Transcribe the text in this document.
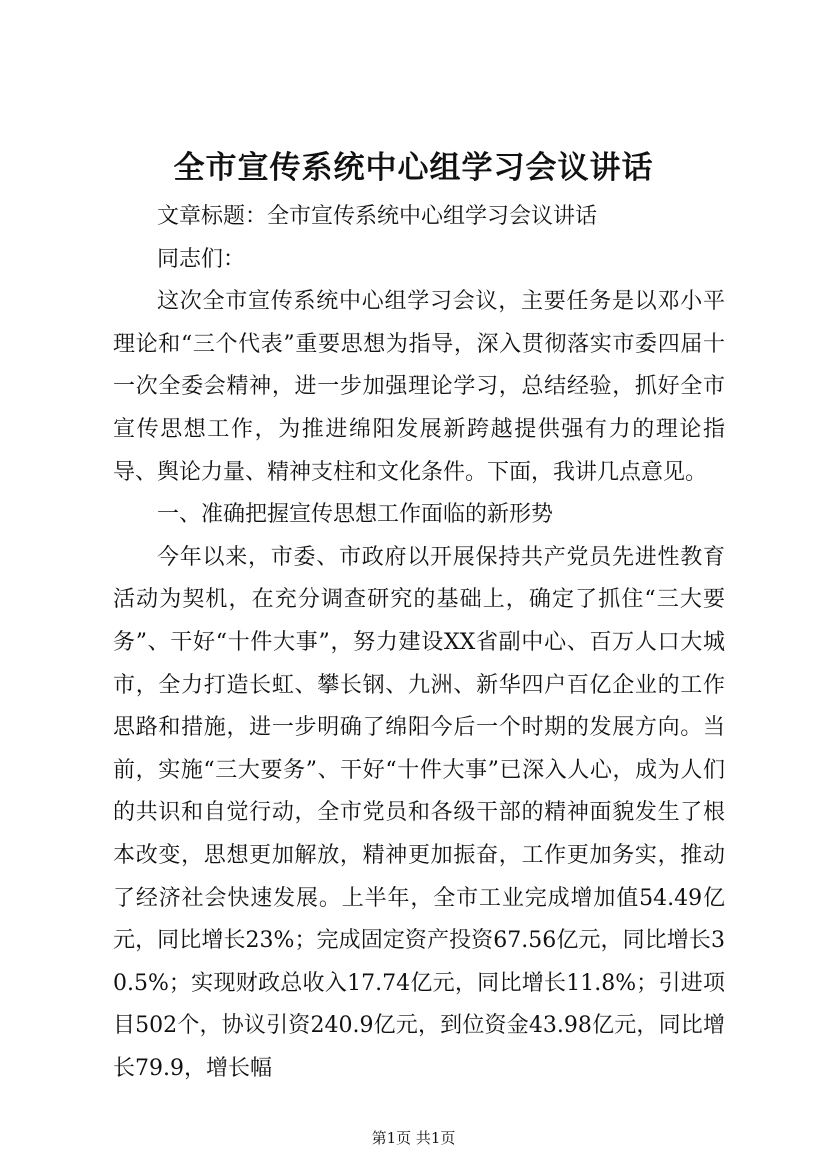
全市宣传系统中心组学习会议讲话

文章标题：全市宣传系统中心组学习会议讲话

同志们：

这次全市宣传系统中心组学习会议，主要任务是以邓小平理论和“三个代表”重要思想为指导，深入贯彻落实市委四届十一次全委会精神，进一步加强理论学习，总结经验，抓好全市宣传思想工作，为推进绵阳发展新跨越提供强有力的理论指导、舆论力量、精神支柱和文化条件。下面，我讲几点意见。

一、准确把握宣传思想工作面临的新形势

今年以来，市委、市政府以开展保持共产党员先进性教育活动为契机，在充分调查研究的基础上，确定了抓住“三大要务”、干好“十件大事”，努力建设XX省副中心、百万人口大城市，全力打造长虹、攀长钢、九洲、新华四户百亿企业的工作思路和措施，进一步明确了绵阳今后一个时期的发展方向。当前，实施“三大要务”、干好“十件大事”已深入人心，成为人们的共识和自觉行动，全市党员和各级干部的精神面貌发生了根本改变，思想更加解放，精神更加振奋，工作更加务实，推动了经济社会快速发展。上半年，全市工业完成增加值54.49亿元，同比增长23%；完成固定资产投资67.56亿元，同比增长30.5%；实现财政总收入17.74亿元，同比增长11.8%；引进项目502个，协议引资240.9亿元，到位资金43.98亿元，同比增长79.9，增长幅

第1页 共1页
